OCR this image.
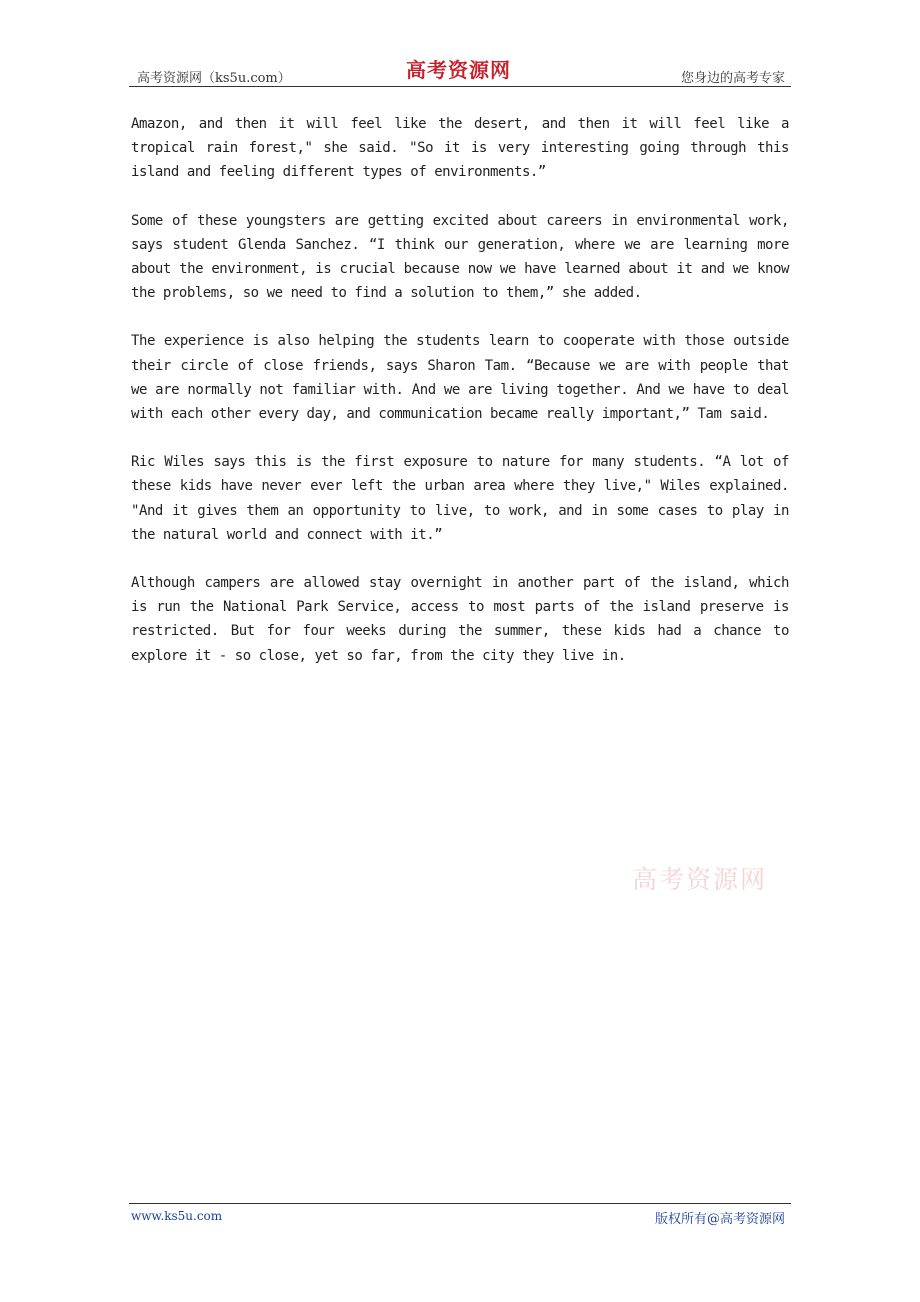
高考资源网（ks5u.com）	高考资源网	您身边的高考专家

Amazon, and then it will feel like the desert, and then it will feel like a tropical rain forest," she said. "So it is very interesting going through this island and feeling different types of environments.”

Some of these youngsters are getting excited about careers in environmental work, says student Glenda Sanchez. “I think our generation, where we are learning more about the environment, is crucial because now we have learned about it and we know the problems, so we need to find a solution to them,” she added.

The experience is also helping the students learn to cooperate with those outside their circle of close friends, says Sharon Tam. “Because we are with people that we are normally not familiar with. And we are living together. And we have to deal with each other every day, and communication became really important,” Tam said.

Ric Wiles says this is the first exposure to nature for many students. “A lot of these kids have never ever left the urban area where they live," Wiles explained. "And it gives them an opportunity to live, to work, and in some cases to play in the natural world and connect with it.”

Although campers are allowed stay overnight in another part of the island, which is run the National Park Service, access to most parts of the island preserve is restricted. But for four weeks during the summer, these kids had a chance to explore it - so close, yet so far, from the city they live in.

高考资源网
www.ks5u.com	版权所有@高考资源网
